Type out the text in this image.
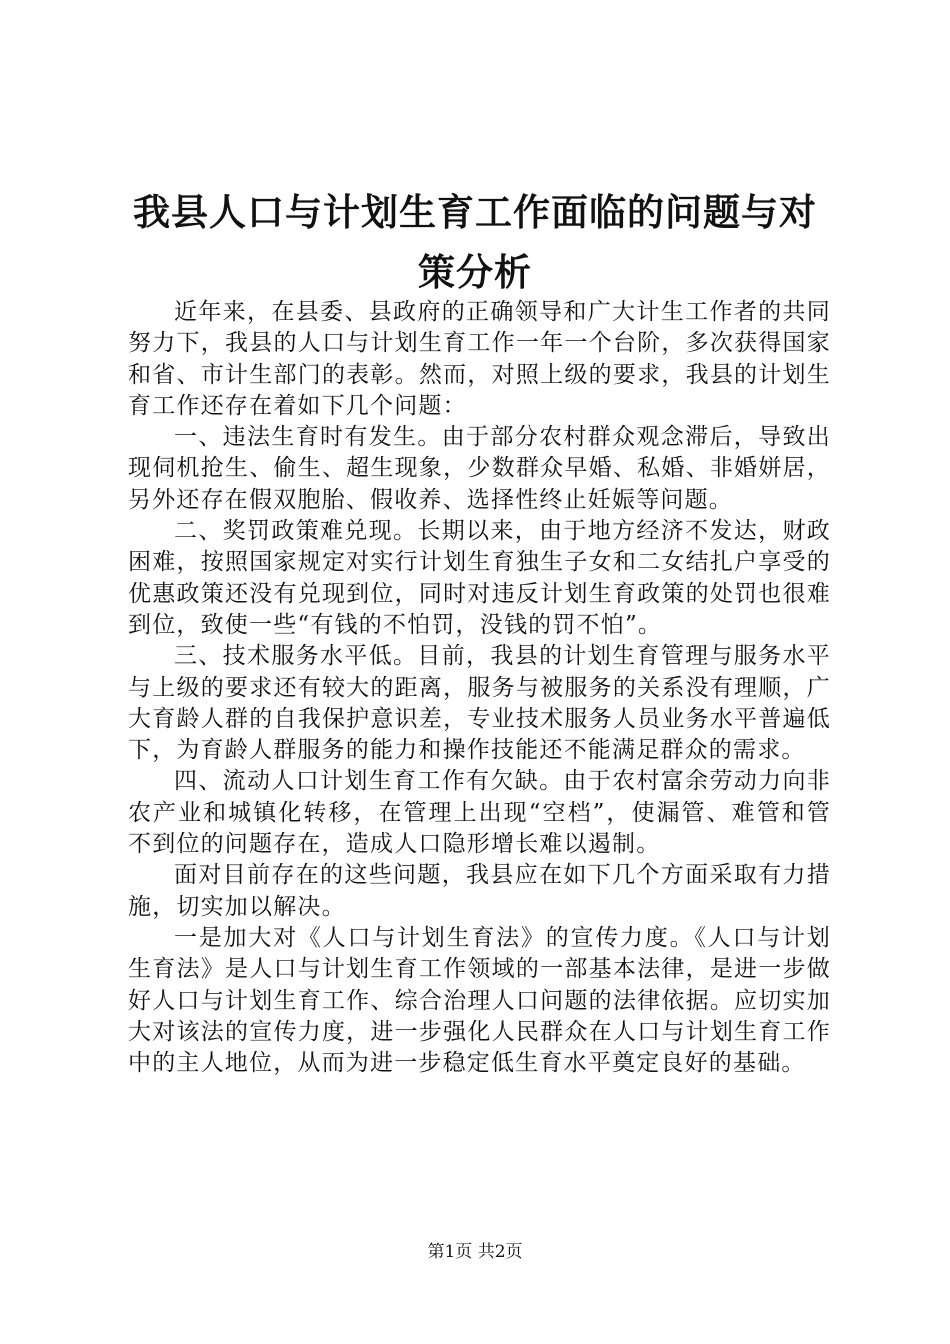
我县人口与计划生育工作面临的问题与对策分析

近年来，在县委、县政府的正确领导和广大计生工作者的共同努力下，我县的人口与计划生育工作一年一个台阶，多次获得国家和省、市计生部门的表彰。然而，对照上级的要求，我县的计划生育工作还存在着如下几个问题：

一、违法生育时有发生。由于部分农村群众观念滞后，导致出现伺机抢生、偷生、超生现象，少数群众早婚、私婚、非婚姘居，另外还存在假双胞胎、假收养、选择性终止妊娠等问题。

二、奖罚政策难兑现。长期以来，由于地方经济不发达，财政困难，按照国家规定对实行计划生育独生子女和二女结扎户享受的优惠政策还没有兑现到位，同时对违反计划生育政策的处罚也很难到位，致使一些“有钱的不怕罚，没钱的罚不怕”。

三、技术服务水平低。目前，我县的计划生育管理与服务水平与上级的要求还有较大的距离，服务与被服务的关系没有理顺，广大育龄人群的自我保护意识差，专业技术服务人员业务水平普遍低下，为育龄人群服务的能力和操作技能还不能满足群众的需求。

四、流动人口计划生育工作有欠缺。由于农村富余劳动力向非农产业和城镇化转移，在管理上出现“空档”，使漏管、难管和管不到位的问题存在，造成人口隐形增长难以遏制。

面对目前存在的这些问题，我县应在如下几个方面采取有力措施，切实加以解决。

一是加大对《人口与计划生育法》的宣传力度。《人口与计划生育法》是人口与计划生育工作领域的一部基本法律，是进一步做好人口与计划生育工作、综合治理人口问题的法律依据。应切实加大对该法的宣传力度，进一步强化人民群众在人口与计划生育工作中的主人地位，从而为进一步稳定低生育水平奠定良好的基础。

第1页 共2页
